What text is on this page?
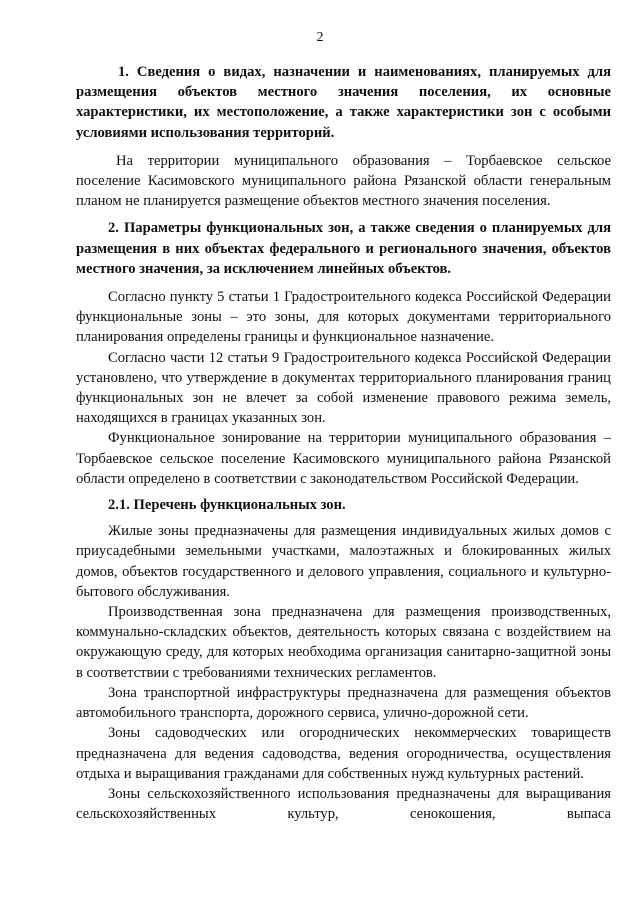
2

1. Сведения о видах, назначении и наименованиях, планируемых для размещения объектов местного значения поселения, их основные характеристики, их местоположение, а также характеристики зон с особыми условиями использования территорий.

На территории муниципального образования – Торбаевское сельское поселение Касимовского муниципального района Рязанской области генеральным планом не планируется размещение объектов местного значения поселения.

2. Параметры функциональных зон, а также сведения о планируемых для размещения в них объектах федерального и регионального значения, объектов местного значения, за исключением линейных объектов.

Согласно пункту 5 статьи 1 Градостроительного кодекса Российской Федерации функциональные зоны – это зоны, для которых документами территориального планирования определены границы и функциональное назначение.

Согласно части 12 статьи 9 Градостроительного кодекса Российской Федерации установлено, что утверждение в документах территориального планирования границ функциональных зон не влечет за собой изменение правового режима земель, находящихся в границах указанных зон.

Функциональное зонирование на территории муниципального образования – Торбаевское сельское поселение Касимовского муниципального района Рязанской области определено в соответствии с законодательством Российской Федерации.

2.1. Перечень функциональных зон.

Жилые зоны предназначены для размещения индивидуальных жилых домов с приусадебными земельными участками, малоэтажных и блокированных жилых домов, объектов государственного и делового управления, социального и культурно-бытового обслуживания.

Производственная зона предназначена для размещения производственных, коммунально-складских объектов, деятельность которых связана с воздействием на окружающую среду, для которых необходима организация санитарно-защитной зоны в соответствии с требованиями технических регламентов.

Зона транспортной инфраструктуры предназначена для размещения объектов автомобильного транспорта, дорожного сервиса, улично-дорожной сети.

Зоны садоводческих или огороднических некоммерческих товариществ предназначена для ведения садоводства, ведения огородничества, осуществления отдыха и выращивания гражданами для собственных нужд культурных растений.

Зоны сельскохозяйственного использования предназначены для выращивания сельскохозяйственных культур, сенокошения, выпаса
